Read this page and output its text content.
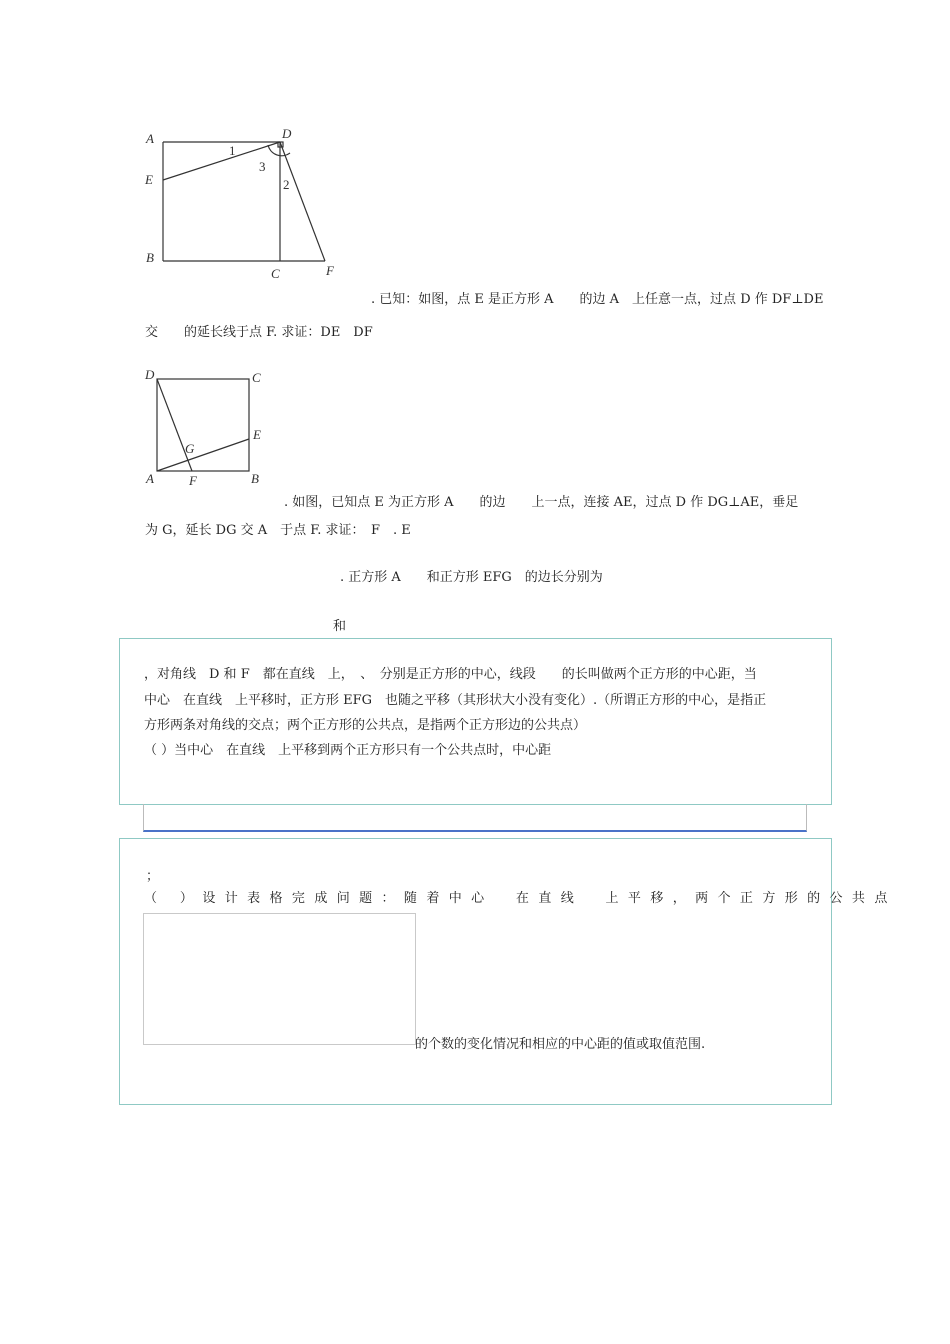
A	D
E
B
C	F
1
2
3
. 已知：如图，点 E 是正方形 A　　的边 A　上任意一点，过点 D 作 DF⊥DE
交　　的延长线于点 F. 求证：DE　DF
D	C
E
G
A	F	B
. 如图，已知点 E 为正方形 A　　的边　　上一点，连接 AE，过点 D 作 DG⊥AE，垂足
为 G，延长 DG 交 A　于点 F. 求证：　F　. E
. 正方形 A　　和正方形 EFG　的边长分别为
和
，对角线　D 和 F　都在直线　上，　、　分别是正方形的中心，线段　　的长叫做两个正方形的中心距，当
中心　在直线　上平移时，正方形 EFG　也随之平移（其形状大小没有变化）.（所谓正方形的中心，是指正
方形两条对角线的交点；两个正方形的公共点，是指两个正方形边的公共点）
（ ）当中心　在直线　上平移到两个正方形只有一个公共点时，中心距
；
（ ）设计表格完成问题：随着中心　在直线　上平移，两个正方形的公共点
的个数的变化情况和相应的中心距的值或取值范围.
